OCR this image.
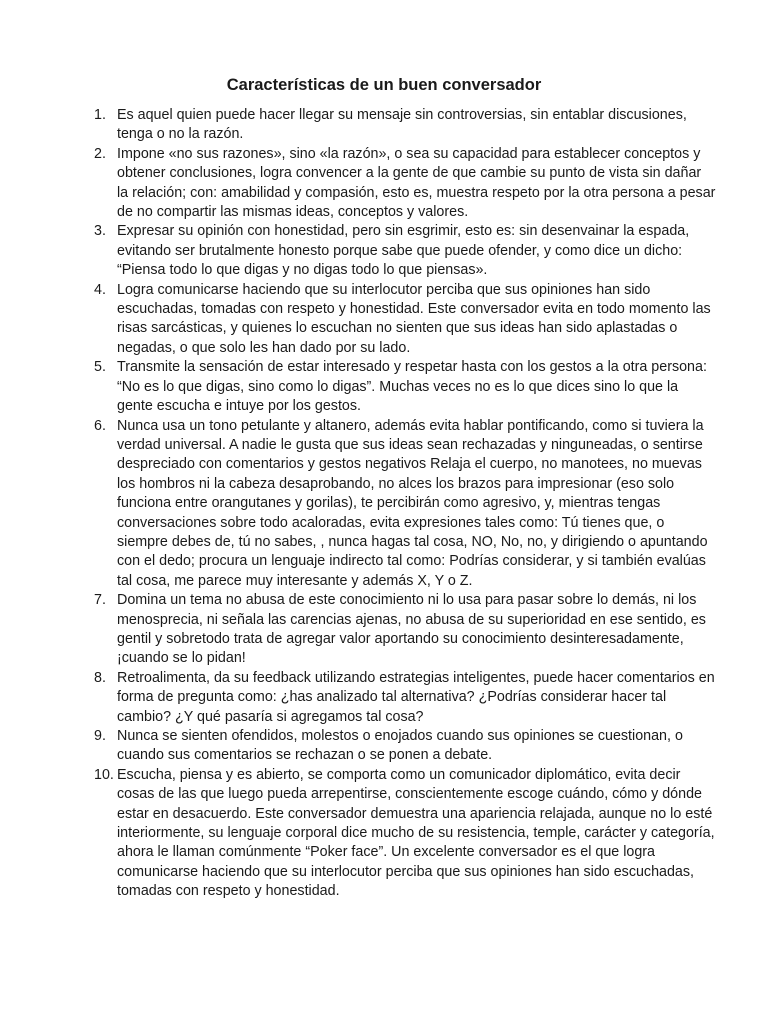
Características de un buen conversador
1. Es aquel quien puede hacer llegar su mensaje sin controversias, sin entablar discusiones, tenga o no la razón.
2. Impone «no sus razones», sino «la razón», o sea su capacidad para establecer conceptos y obtener conclusiones, logra convencer a la gente de que cambie su punto de vista sin dañar la relación; con: amabilidad y compasión, esto es, muestra respeto por la otra persona a pesar de no compartir las mismas ideas, conceptos y valores.
3. Expresar su opinión con honestidad, pero sin esgrimir, esto es: sin desenvainar la espada, evitando ser brutalmente honesto porque sabe que puede ofender, y como dice un dicho: “Piensa todo lo que digas y no digas todo lo que piensas».
4. Logra comunicarse haciendo que su interlocutor perciba que sus opiniones han sido escuchadas, tomadas con respeto y honestidad. Este conversador evita en todo momento las risas sarcásticas, y quienes lo escuchan no sienten que sus ideas han sido aplastadas o negadas, o que solo les han dado por su lado.
5. Transmite la sensación de estar interesado y respetar hasta con los gestos a la otra persona: “No es lo que digas, sino como lo digas”. Muchas veces no es lo que dices sino lo que la gente escucha e intuye por los gestos.
6. Nunca usa un tono petulante y altanero, además evita hablar pontificando, como si tuviera la verdad universal. A nadie le gusta que sus ideas sean rechazadas y ninguneadas, o sentirse despreciado con comentarios y gestos negativos Relaja el cuerpo, no manotees, no muevas los hombros ni la cabeza desaprobando, no alces los brazos para impresionar (eso solo funciona entre orangutanes y gorilas), te percibirán como agresivo, y, mientras tengas conversaciones sobre todo acaloradas, evita expresiones tales como: Tú tienes que, o siempre debes de, tú no sabes, , nunca hagas tal cosa, NO, No, no, y dirigiendo o apuntando con el dedo; procura un lenguaje indirecto tal como: Podrías considerar, y si también evalúas tal cosa, me parece muy interesante y además X, Y o Z.
7. Domina un tema no abusa de este conocimiento ni lo usa para pasar sobre lo demás, ni los menosprecia, ni señala las carencias ajenas, no abusa de su superioridad en ese sentido, es gentil y sobretodo trata de agregar valor aportando su conocimiento desinteresadamente, ¡cuando se lo pidan!
8. Retroalimenta, da su feedback utilizando estrategias inteligentes, puede hacer comentarios en forma de pregunta como: ¿has analizado tal alternativa? ¿Podrías considerar hacer tal cambio? ¿Y qué pasaría si agregamos tal cosa?
9. Nunca se sienten ofendidos, molestos o enojados cuando sus opiniones se cuestionan, o cuando sus comentarios se rechazan o se ponen a debate.
10. Escucha, piensa y es abierto, se comporta como un comunicador diplomático, evita decir cosas de las que luego pueda arrepentirse, conscientemente escoge cuándo, cómo y dónde estar en desacuerdo. Este conversador demuestra una apariencia relajada, aunque no lo esté interiormente, su lenguaje corporal dice mucho de su resistencia, temple, carácter y categoría, ahora le llaman comúnmente “Poker face”. Un excelente conversador es el que logra comunicarse haciendo que su interlocutor perciba que sus opiniones han sido escuchadas, tomadas con respeto y honestidad.
